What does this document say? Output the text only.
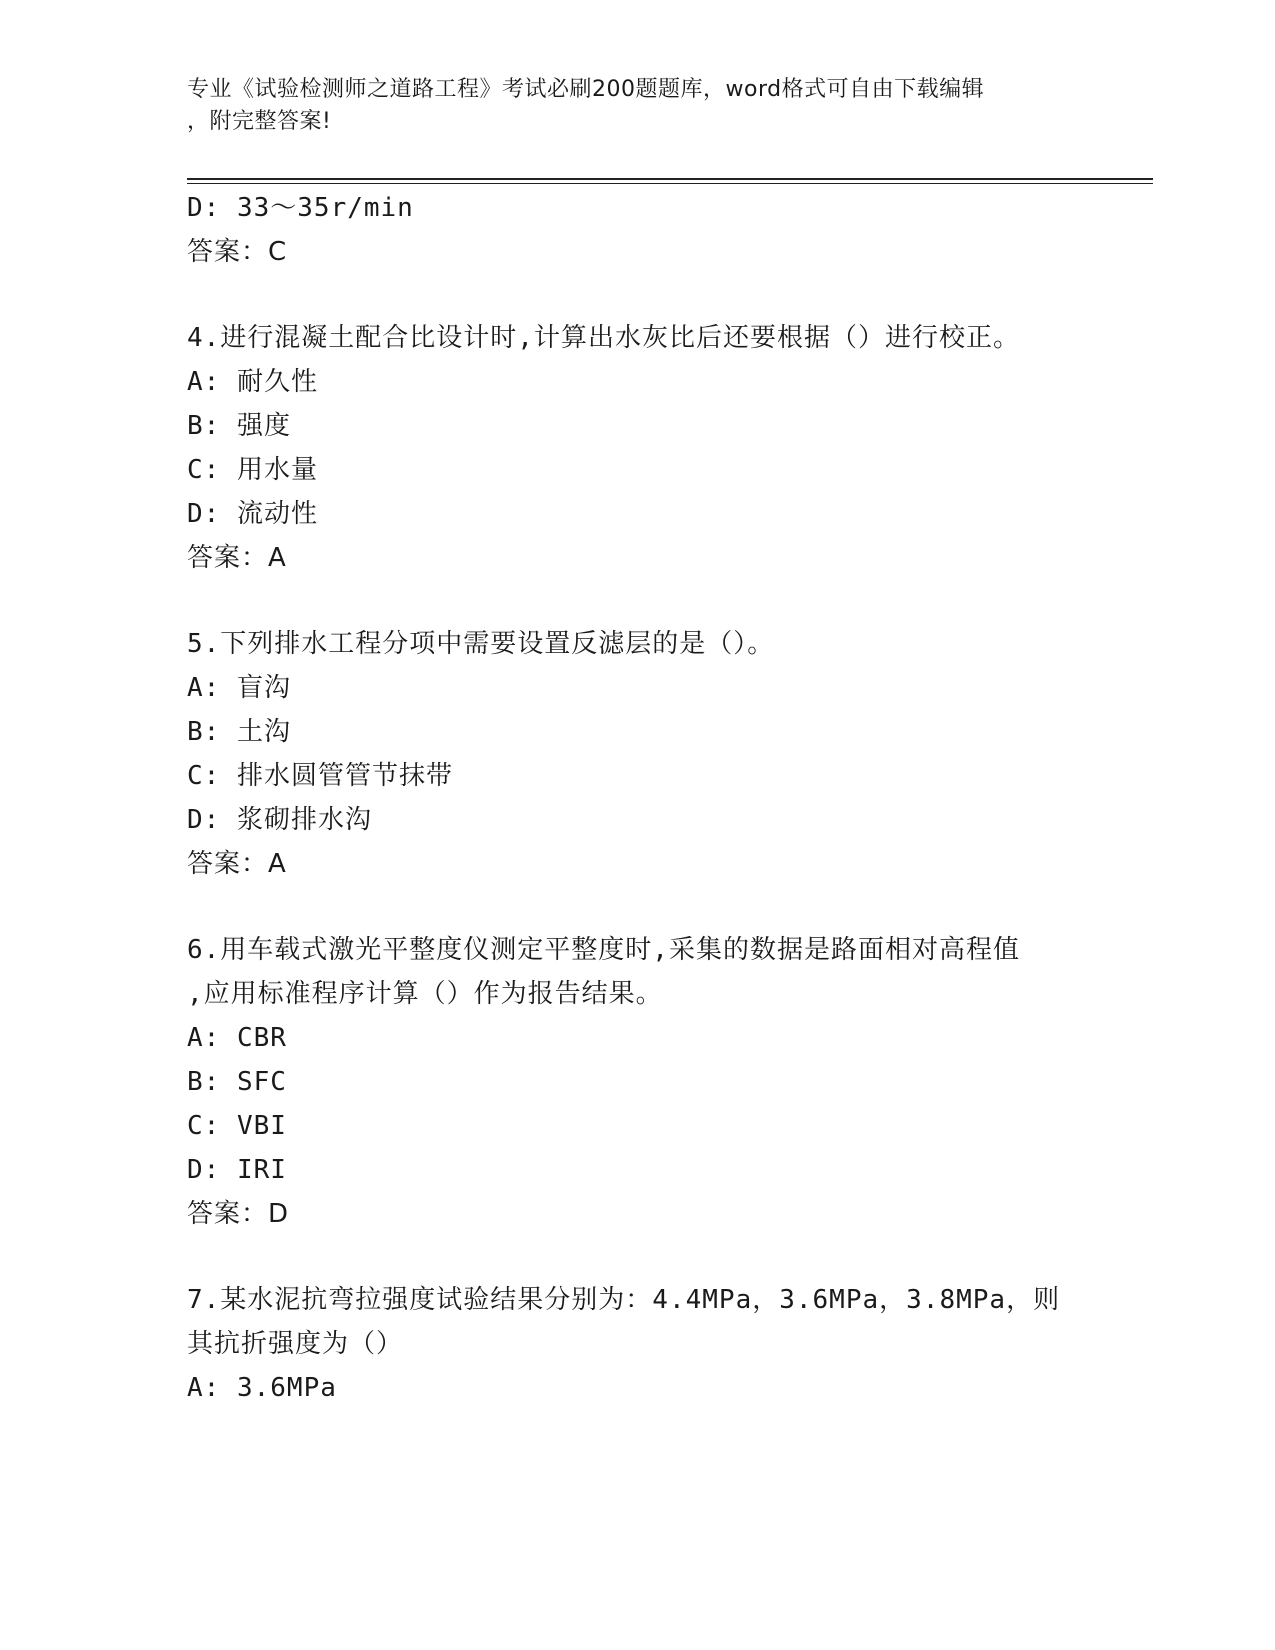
专业《试验检测师之道路工程》考试必刷200题题库，word格式可自由下载编辑
，附完整答案!
D: 33～35r/min
答案：C
4.进行混凝土配合比设计时,计算出水灰比后还要根据（）进行校正。
A: 耐久性
B: 强度
C: 用水量
D: 流动性
答案：A
5.下列排水工程分项中需要设置反滤层的是（）。
A: 盲沟
B: 土沟
C: 排水圆管管节抹带
D: 浆砌排水沟
答案：A
6.用车载式激光平整度仪测定平整度时,采集的数据是路面相对高程值
,应用标准程序计算（）作为报告结果。
A: CBR
B: SFC
C: VBI
D: IRI
答案：D
7.某水泥抗弯拉强度试验结果分别为：4.4MPa，3.6MPa，3.8MPa，则
其抗折强度为（）
A: 3.6MPa
